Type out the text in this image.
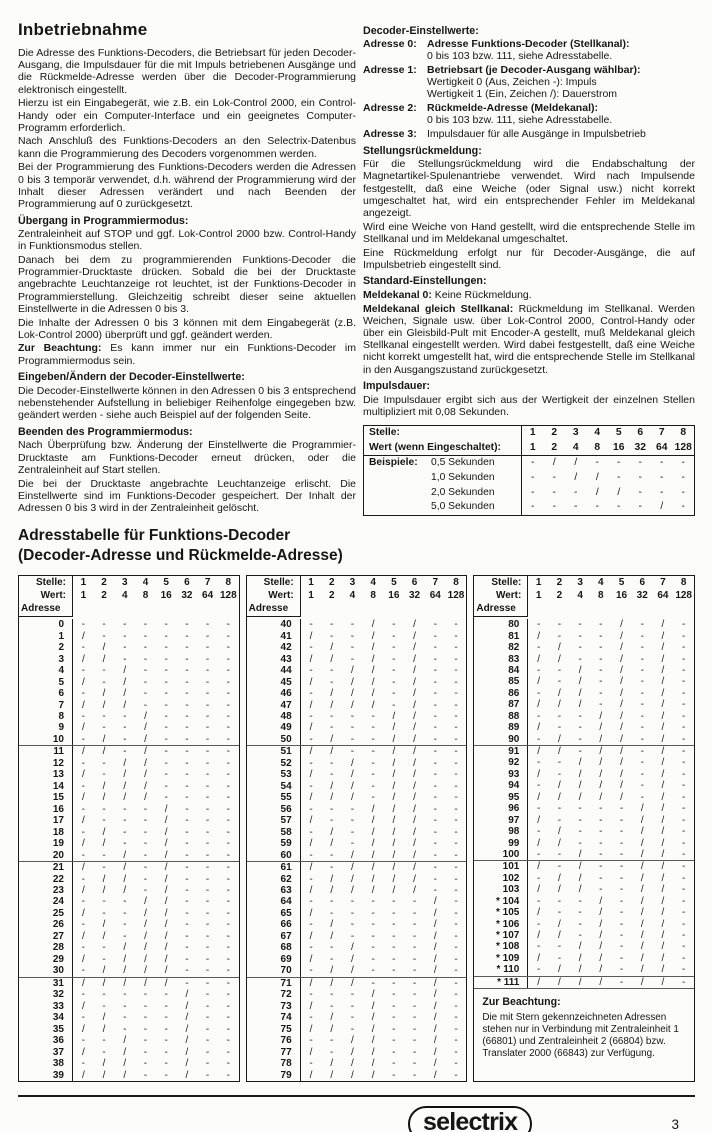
Inbetriebnahme
Die Adresse des Funktions-Decoders, die Betriebsart für jeden Decoder-Ausgang, die Impulsdauer für die mit Impuls betriebenen Ausgänge und die Rückmelde-Adresse werden über die Decoder-Programmierung elektronisch eingestellt.
Hierzu ist ein Eingabegerät, wie z.B. ein Lok-Control 2000, ein Control-Handy oder ein Computer-Interface und ein geeignetes Computer-Programm erforderlich.
Nach Anschluß des Funktions-Decoders an den Selectrix-Datenbus kann die Programmierung des Decoders vorgenommen werden.
Bei der Programmierung des Funktions-Decoders werden die Adressen 0 bis 3 temporär verwendet, d.h. während der Programmierung wird der Inhalt dieser Adressen verändert und nach Beenden der Programmierung auf 0 zurückgesetzt.
Übergang in Programmiermodus:
Zentraleinheit auf STOP und ggf. Lok-Control 2000 bzw. Control-Handy in Funktionsmodus stellen.
Danach bei dem zu programmierenden Funktions-Decoder die Programmier-Drucktaste drücken. Sobald die bei der Drucktaste angebrachte Leuchtanzeige rot leuchtet, ist der Funktions-Decoder in Programmierstellung. Gleichzeitig schreibt dieser seine aktuellen Einstellwerte in die Adressen 0 bis 3.
Die Inhalte der Adressen 0 bis 3 können mit dem Eingabegerät (z.B. Lok-Control 2000) überprüft und ggf. geändert werden.
Zur Beachtung: Es kann immer nur ein Funktions-Decoder im Programmiermodus sein.
Eingeben/Ändern der Decoder-Einstellwerte:
Die Decoder-Einstellwerte können in den Adressen 0 bis 3 entsprechend nebenstehender Aufstellung in beliebiger Reihenfolge eingegeben bzw. geändert werden - siehe auch Beispiel auf der folgenden Seite.
Beenden des Programmiermodus:
Nach Überprüfung bzw. Änderung der Einstellwerte die Programmier-Drucktaste am Funktions-Decoder erneut drücken, oder die Zentraleinheit auf Start stellen.
Die bei der Drucktaste angebrachte Leuchtanzeige erlischt. Die Einstellwerte sind im Funktions-Decoder gespeichert. Der Inhalt der Adressen 0 bis 3 wird in der Zentraleinheit gelöscht.
Decoder-Einstellwerte:
Adresse 0: Adresse Funktions-Decoder (Stellkanal):
0 bis 103 bzw. 111, siehe Adresstabelle.
Adresse 1: Betriebsart (je Decoder-Ausgang wählbar):
Wertigkeit 0 (Aus, Zeichen -): Impuls
Wertigkeit 1 (Ein, Zeichen /): Dauerstrom
Adresse 2: Rückmelde-Adresse (Meldekanal):
0 bis 103 bzw. 111, siehe Adresstabelle.
Adresse 3: Impulsdauer für alle Ausgänge in Impulsbetrieb
Stellungsrückmeldung:
Für die Stellungsrückmeldung wird die Endabschaltung der Magnetartikel-Spulenantriebe verwendet. Wird nach Impulsende festgestellt, daß eine Weiche (oder Signal usw.) nicht korrekt umgeschaltet hat, wird ein entsprechender Fehler im Meldekanal angezeigt.
Wird eine Weiche von Hand gestellt, wird die entsprechende Stelle im Stellkanal und im Meldekanal umgeschaltet.
Eine Rückmeldung erfolgt nur für Decoder-Ausgänge, die auf Impulsbetrieb eingestellt sind.
Standard-Einstellungen:
Meldekanal 0: Keine Rückmeldung.
Meldekanal gleich Stellkanal: Rückmeldung im Stellkanal. Werden Weichen, Signale usw. über Lok-Control 2000, Control-Handy oder über ein Gleisbild-Pult mit Encoder-A gestellt, muß Meldekanal gleich Stellkanal eingestellt werden. Wird dabei festgestellt, daß eine Weiche nicht korrekt umgestellt hat, wird die entsprechende Stelle im Stellkanal in den Ausgangszustand zurückgesetzt.
Impulsdauer:
Die Impulsdauer ergibt sich aus der Wertigkeit der einzelnen Stellen multipliziert mit 0,08 Sekunden.
Stelle:	1	2	3	4	5	6	7	8
Wert (wenn Eingeschaltet):	1	2	4	8	16 32 64 128
Beispiele:	0,5 Sekunden	-	/	/	-	-	-	-	-
1,0 Sekunden	-	-	/	/	-	-	-	-
2,0 Sekunden	-	-	-	/	/	-	-	-
5,0 Sekunden	-	-	-	-	-	-	/	-
Adresstabelle für Funktions-Decoder
(Decoder-Adresse und Rückmelde-Adresse)
Stelle:	1	2	3	4	5	6	7	8
Wert:	1	2	4	8	16 32 64 128
Adresse
0	-	-	-	-	-	-	-	-
1	/	-	-	-	-	-	-	-
2	-	/	-	-	-	-	-	-
3	/	/	-	-	-	-	-	-
4	-	-	/	-	-	-	-	-
5	/	-	/	-	-	-	-	-
6	-	/	/	-	-	-	-	-
7	/	/	/	-	-	-	-	-
8	-	-	-	/	-	-	-	-
9	/	-	-	/	-	-	-	-
10	-	/	-	/	-	-	-	-
11	/	/	-	/	-	-	-	-
12	-	-	/	/	-	-	-	-
13	/	-	/	/	-	-	-	-
14	-	/	/	/	-	-	-	-
15	/	/	/	/	-	-	-	-
16	-	-	-	-	/	-	-	-
17	/	-	-	-	/	-	-	-
18	-	/	-	-	/	-	-	-
19	/	/	-	-	/	-	-	-
20	-	-	/	-	/	-	-	-
21	/	-	/	-	/	-	-	-
22	-	/	/	-	/	-	-	-
23	/	/	/	-	/	-	-	-
24	-	-	-	/	/	-	-	-
25	/	-	-	/	/	-	-	-
26	-	/	-	/	/	-	-	-
27	/	/	-	/	/	-	-	-
28	-	-	/	/	/	-	-	-
29	/	-	/	/	/	-	-	-
30	-	/	/	/	/	-	-	-
31	/	/	/	/	/	-	-	-
32	-	-	-	-	-	/	-	-
33	/	-	-	-	-	/	-	-
34	-	/	-	-	-	/	-	-
35	/	/	-	-	-	/	-	-
36	-	-	/	-	-	/	-	-
37	/	-	/	-	-	/	-	-
38	-	/	/	-	-	/	-	-
39	/	/	/	-	-	/	-	-
Stelle:	1	2	3	4	5	6	7	8
Wert:	1	2	4	8	16 32 64 128
Adresse
40	-	-	-	/	-	/	-	-
41	/	-	-	/	-	/	-	-
42	-	/	-	/	-	/	-	-
43	/	/	-	/	-	/	-	-
44	-	-	/	/	-	/	-	-
45	/	-	/	/	-	/	-	-
46	-	/	/	/	-	/	-	-
47	/	/	/	/	-	/	-	-
48	-	-	-	-	/	/	-	-
49	/	-	-	-	/	/	-	-
50	-	/	-	-	/	/	-	-
51	/	/	-	-	/	/	-	-
52	-	-	/	-	/	/	-	-
53	/	-	/	-	/	/	-	-
54	-	/	/	-	/	/	-	-
55	/	/	/	-	/	/	-	-
56	-	-	-	/	/	/	-	-
57	/	-	-	/	/	/	-	-
58	-	/	-	/	/	/	-	-
59	/	/	-	/	/	/	-	-
60	-	-	/	/	/	/	-	-
61	/	-	/	/	/	/	-	-
62	-	/	/	/	/	/	-	-
63	/	/	/	/	/	/	-	-
64	-	-	-	-	-	-	/	-
65	/	-	-	-	-	-	/	-
66	-	/	-	-	-	-	/	-
67	/	/	-	-	-	-	/	-
68	-	-	/	-	-	-	/	-
69	/	-	/	-	-	-	/	-
70	-	/	/	-	-	-	/	-
71	/	/	/	-	-	-	/	-
72	-	-	-	/	-	-	/	-
73	/	-	-	/	-	-	/	-
74	-	/	-	/	-	-	/	-
75	/	/	-	/	-	-	/	-
76	-	-	/	/	-	-	/	-
77	/	-	/	/	-	-	/	-
78	-	/	/	/	-	-	/	-
79	/	/	/	/	-	-	/	-
Stelle:	1	2	3	4	5	6	7	8
Wert:	1	2	4	8	16 32 64 128
Adresse
80	-	-	-	-	/	-	/	-
81	/	-	-	-	/	-	/	-
82	-	/	-	-	/	-	/	-
83	/	/	-	-	/	-	/	-
84	-	-	/	-	/	-	/	-
85	/	-	/	-	/	-	/	-
86	-	/	/	-	/	-	/	-
87	/	/	/	-	/	-	/	-
88	-	-	-	/	/	-	/	-
89	/	-	-	/	/	-	/	-
90	-	/	-	/	/	-	/	-
91	/	/	-	/	/	-	/	-
92	-	-	/	/	/	-	/	-
93	/	-	/	/	/	-	/	-
94	-	/	/	/	/	-	/	-
95	/	/	/	/	/	-	/	-
96	-	-	-	-	-	/	/	-
97	/	-	-	-	-	/	/	-
98	-	/	-	-	-	/	/	-
99	/	/	-	-	-	/	/	-
100	-	-	/	-	-	/	/	-
101	/	-	/	-	-	/	/	-
102	-	/	/	-	-	/	/	-
103	/	/	/	-	-	/	/	-
* 104	-	-	-	/	-	/	/	-
* 105	/	-	-	/	-	/	/	-
* 106	-	/	-	/	-	/	/	-
* 107	/	/	-	/	-	/	/	-
* 108	-	-	/	/	-	/	/	-
* 109	/	-	/	/	-	/	/	-
* 110	-	/	/	/	-	/	/	-
* 111	/	/	/	/	-	/	/	-
Zur Beachtung:
Die mit Stern gekennzeichneten Adressen stehen nur in Verbindung mit Zentraleinheit 1 (66801) und Zentraleinheit 2 (66804) bzw. Translater 2000 (66843) zur Verfügung.
selectrix	3
